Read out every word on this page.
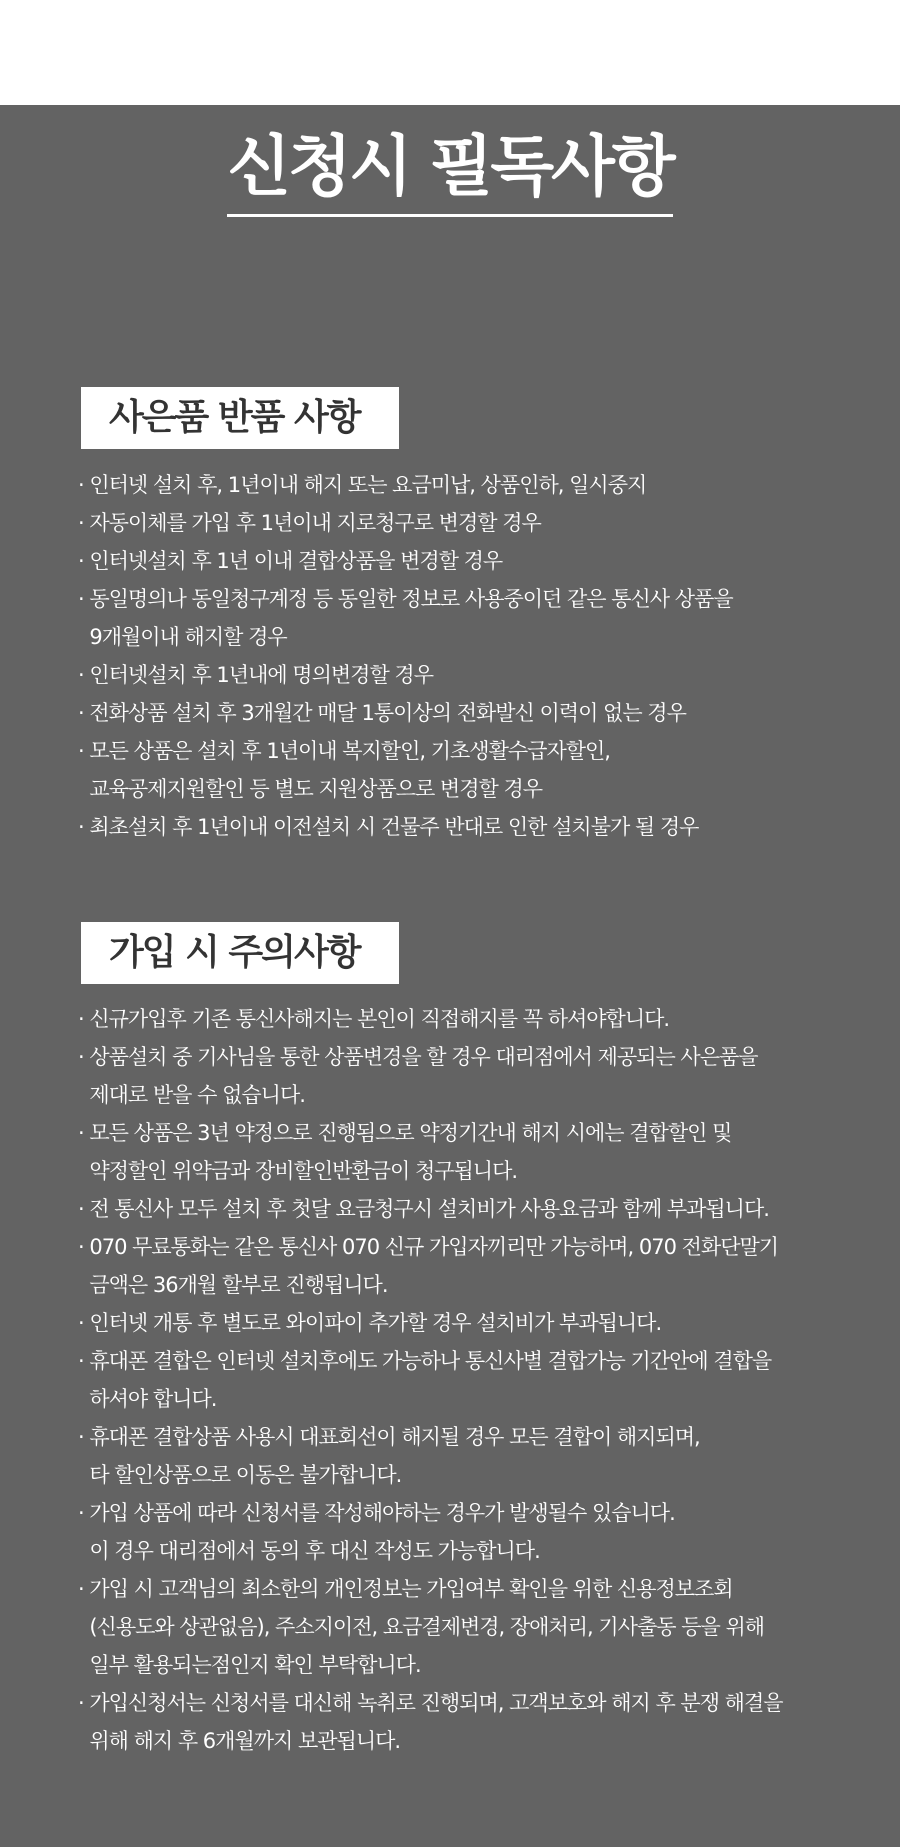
신청시 필독사항
사은품 반품 사항
· 인터넷 설치 후, 1년이내 해지 또는 요금미납, 상품인하, 일시중지
· 자동이체를 가입 후 1년이내 지로청구로 변경할 경우
· 인터넷설치 후 1년 이내 결합상품을 변경할 경우
· 동일명의나 동일청구계정 등 동일한 정보로 사용중이던 같은 통신사 상품을
9개월이내 해지할 경우
· 인터넷설치 후 1년내에 명의변경할 경우
· 전화상품 설치 후 3개월간 매달 1통이상의 전화발신 이력이 없는 경우
· 모든 상품은 설치 후 1년이내 복지할인, 기초생활수급자할인,
교육공제지원할인 등 별도 지원상품으로 변경할 경우
· 최초설치 후 1년이내 이전설치 시 건물주 반대로 인한 설치불가 될 경우
가입 시 주의사항
· 신규가입후 기존 통신사해지는 본인이 직접해지를 꼭 하셔야합니다.
· 상품설치 중 기사님을 통한 상품변경을 할 경우 대리점에서 제공되는 사은품을
제대로 받을 수 없습니다.
· 모든 상품은 3년 약정으로 진행됨으로 약정기간내 해지 시에는 결합할인 및
약정할인 위약금과 장비할인반환금이 청구됩니다.
· 전 통신사 모두 설치 후 첫달 요금청구시 설치비가 사용요금과 함께 부과됩니다.
· 070 무료통화는 같은 통신사 070 신규 가입자끼리만 가능하며, 070 전화단말기
금액은 36개월 할부로 진행됩니다.
· 인터넷 개통 후 별도로 와이파이 추가할 경우 설치비가 부과됩니다.
· 휴대폰 결합은 인터넷 설치후에도 가능하나 통신사별 결합가능 기간안에 결합을
하셔야 합니다.
· 휴대폰 결합상품 사용시 대표회선이 해지될 경우 모든 결합이 해지되며,
타 할인상품으로 이동은 불가합니다.
· 가입 상품에 따라 신청서를 작성해야하는 경우가 발생될수 있습니다.
이 경우 대리점에서 동의 후 대신 작성도 가능합니다.
· 가입 시 고객님의 최소한의 개인정보는 가입여부 확인을 위한 신용정보조회
(신용도와 상관없음), 주소지이전, 요금결제변경, 장애처리, 기사출동 등을 위해
일부 활용되는점인지 확인 부탁합니다.
· 가입신청서는 신청서를 대신해 녹취로 진행되며, 고객보호와 해지 후 분쟁 해결을
위해 해지 후 6개월까지 보관됩니다.
